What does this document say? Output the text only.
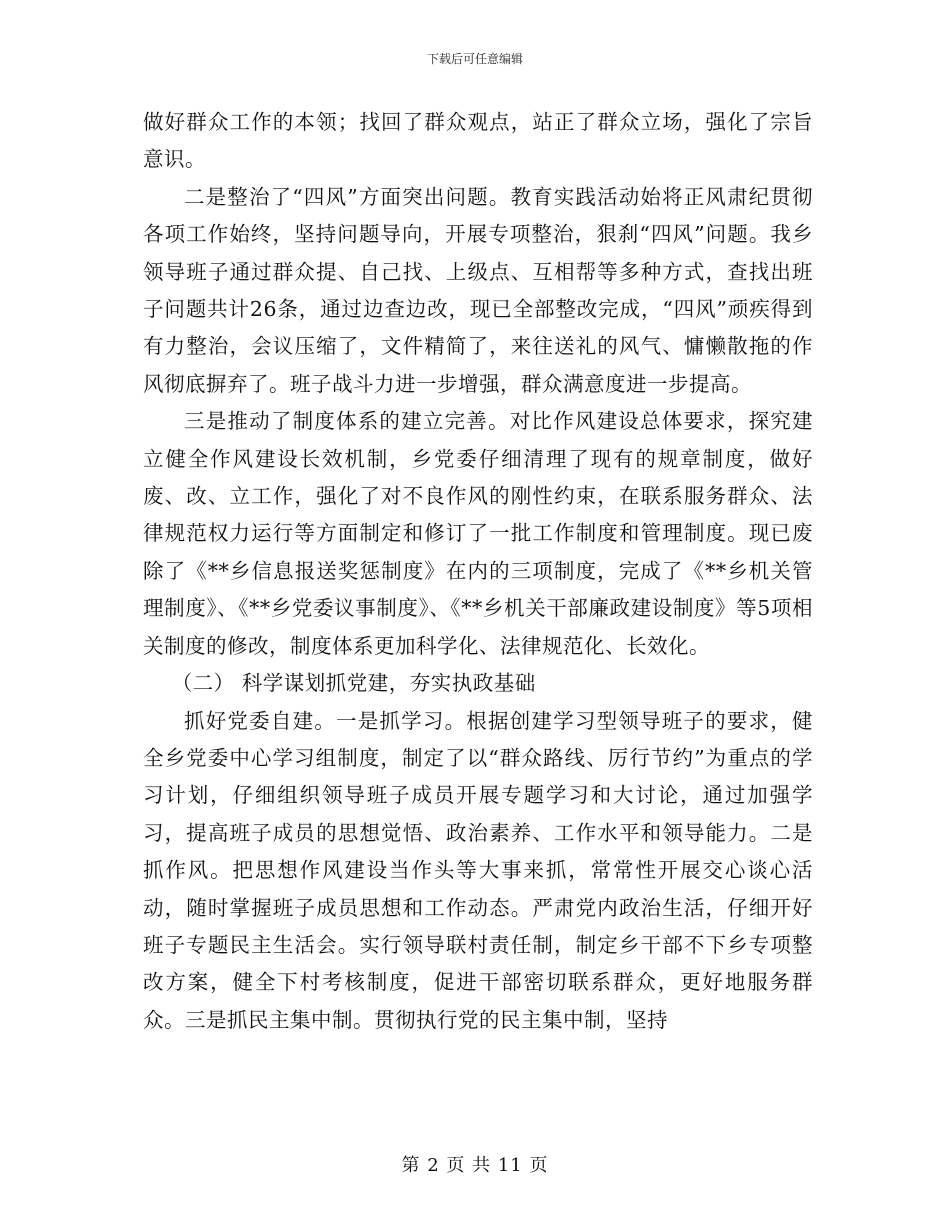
下载后可任意编辑

做好群众工作的本领；找回了群众观点，站正了群众立场，强化了宗旨意识。

二是整治了“四风”方面突出问题。教育实践活动始将正风肃纪贯彻各项工作始终，坚持问题导向，开展专项整治，狠刹“四风”问题。我乡领导班子通过群众提、自己找、上级点、互相帮等多种方式，查找出班子问题共计26条，通过边查边改，现已全部整改完成，“四风”顽疾得到有力整治，会议压缩了，文件精简了，来往送礼的风气、慵懒散拖的作风彻底摒弃了。班子战斗力进一步增强，群众满意度进一步提高。

三是推动了制度体系的建立完善。对比作风建设总体要求，探究建立健全作风建设长效机制，乡党委仔细清理了现有的规章制度，做好废、改、立工作，强化了对不良作风的刚性约束，在联系服务群众、法律规范权力运行等方面制定和修订了一批工作制度和管理制度。现已废除了《**乡信息报送奖惩制度》在内的三项制度，完成了《**乡机关管理制度》、《**乡党委议事制度》、《**乡机关干部廉政建设制度》等5项相关制度的修改，制度体系更加科学化、法律规范化、长效化。

（二） 科学谋划抓党建，夯实执政基础

抓好党委自建。一是抓学习。根据创建学习型领导班子的要求，健全乡党委中心学习组制度，制定了以“群众路线、厉行节约”为重点的学习计划，仔细组织领导班子成员开展专题学习和大讨论，通过加强学习，提高班子成员的思想觉悟、政治素养、工作水平和领导能力。二是抓作风。把思想作风建设当作头等大事来抓，常常性开展交心谈心活动，随时掌握班子成员思想和工作动态。严肃党内政治生活，仔细开好班子专题民主生活会。实行领导联村责任制，制定乡干部不下乡专项整改方案，健全下村考核制度，促进干部密切联系群众，更好地服务群众。三是抓民主集中制。贯彻执行党的民主集中制，坚持

第 2 页 共 11 页
